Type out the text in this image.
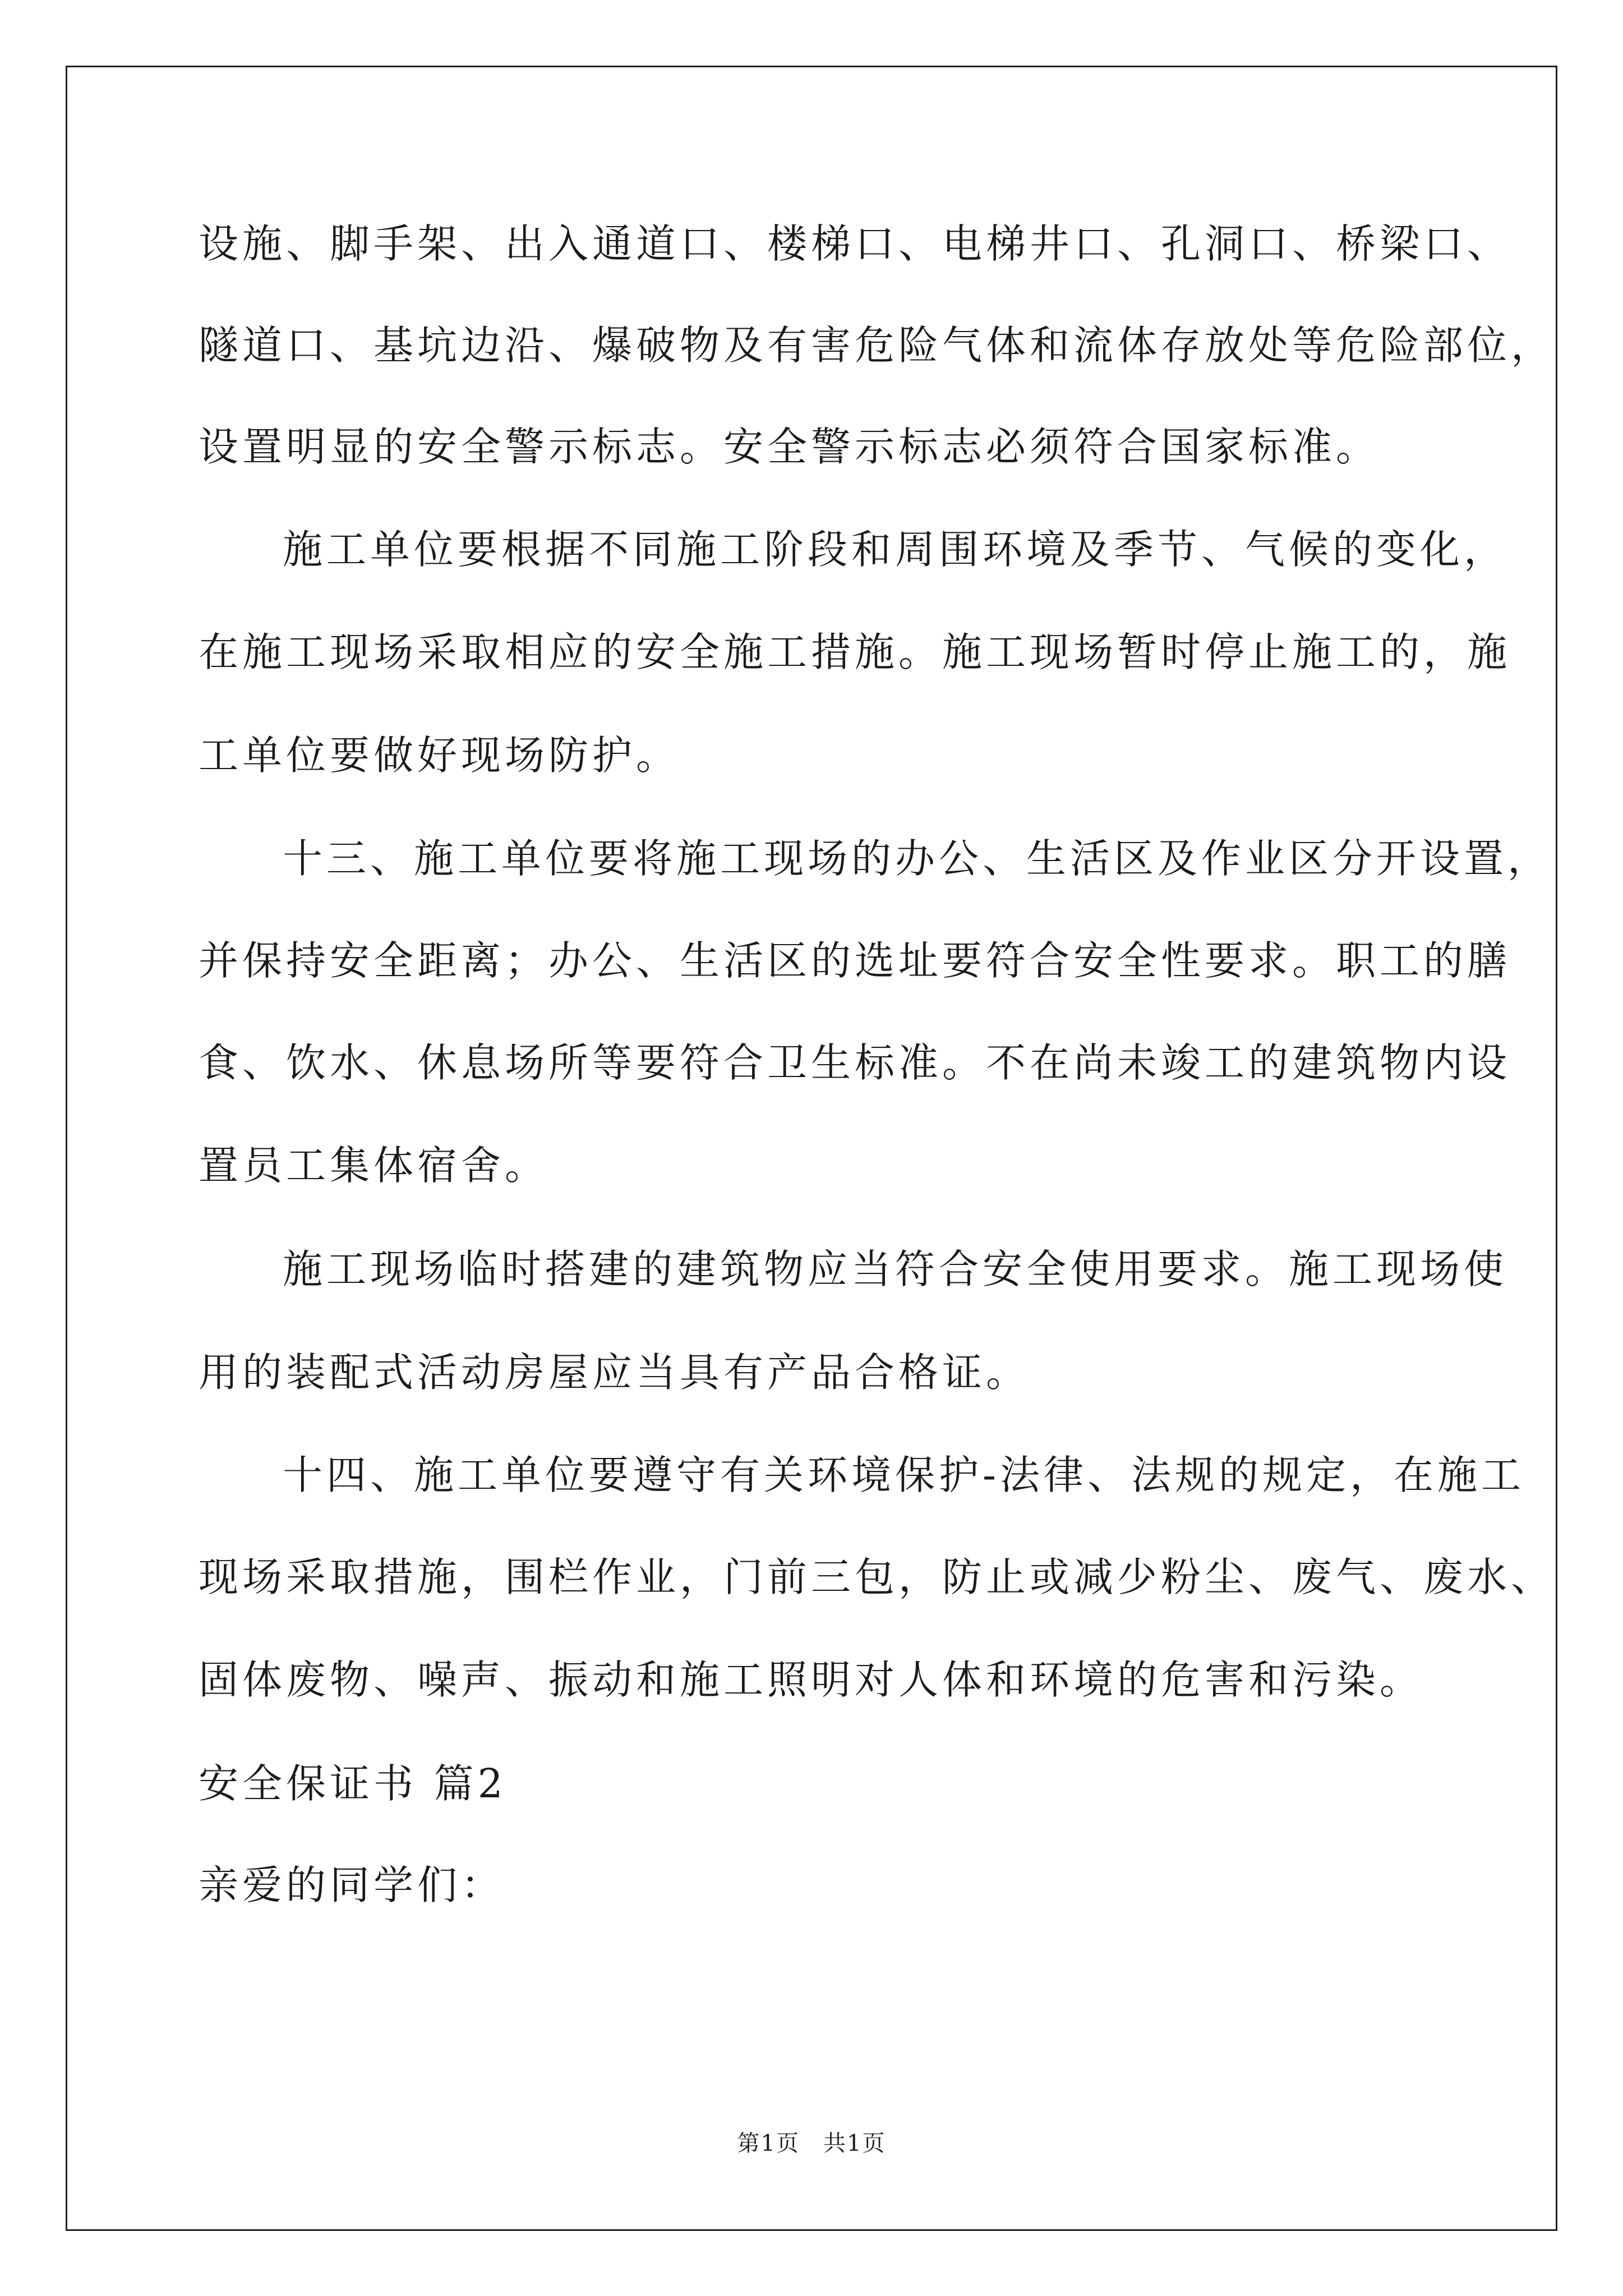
设施、脚手架、出入通道口、楼梯口、电梯井口、孔洞口、桥梁口、
隧道口、基坑边沿、爆破物及有害危险气体和流体存放处等危险部位，
设置明显的安全警示标志。安全警示标志必须符合国家标准。
施工单位要根据不同施工阶段和周围环境及季节、气候的变化，
在施工现场采取相应的安全施工措施。施工现场暂时停止施工的，施
工单位要做好现场防护。
十三、施工单位要将施工现场的办公、生活区及作业区分开设置，
并保持安全距离；办公、生活区的选址要符合安全性要求。职工的膳
食、饮水、休息场所等要符合卫生标准。不在尚未竣工的建筑物内设
置员工集体宿舍。
施工现场临时搭建的建筑物应当符合安全使用要求。施工现场使
用的装配式活动房屋应当具有产品合格证。
十四、施工单位要遵守有关环境保护-法律、法规的规定，在施工
现场采取措施，围栏作业，门前三包，防止或减少粉尘、废气、废水、
固体废物、噪声、振动和施工照明对人体和环境的危害和污染。
安全保证书 篇2
亲爱的同学们：
第1页　共1页
